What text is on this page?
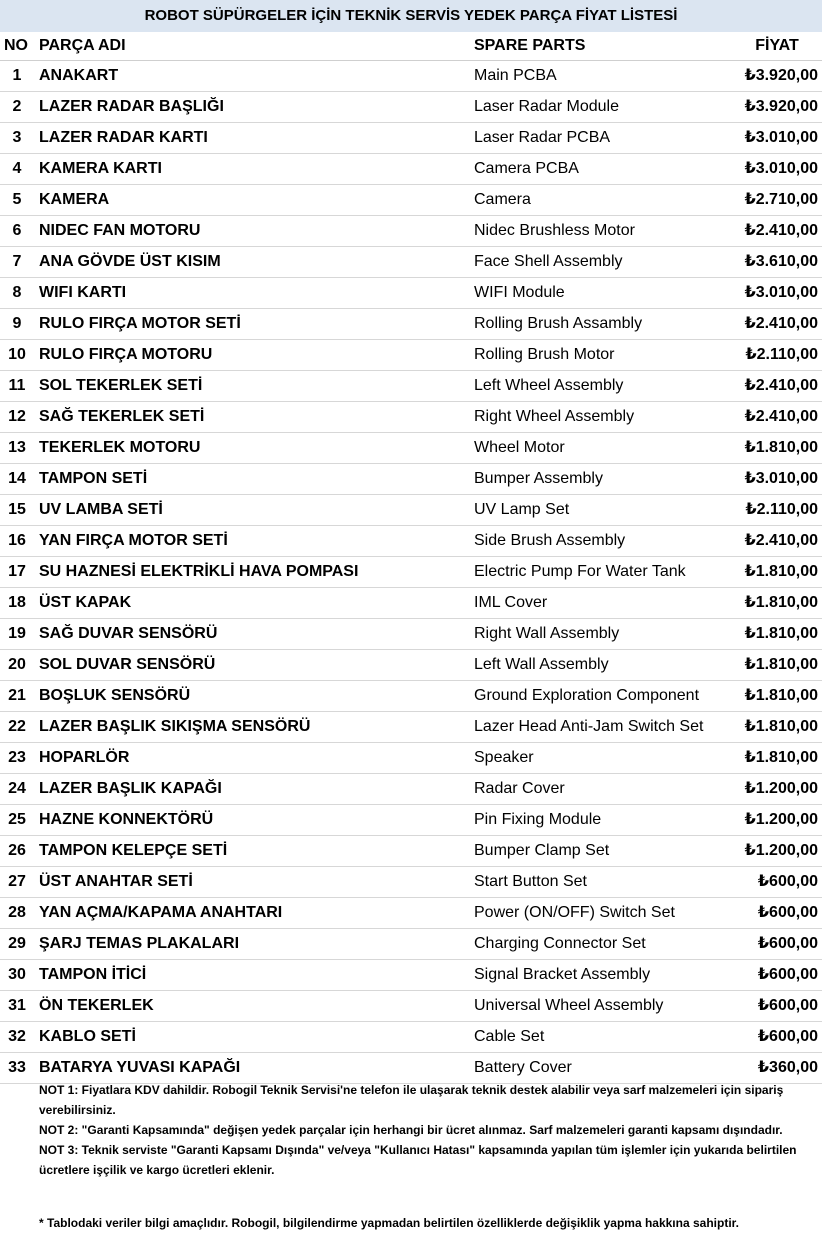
ROBOT SÜPÜRGELER İÇİN TEKNİK SERVİS YEDEK PARÇA FİYAT LİSTESİ
NO PARÇA ADI	SPARE PARTS	FİYAT
1	ANAKART	Main PCBA	₺3.920,00
2	LAZER RADAR BAŞLIĞI	Laser Radar Module	₺3.920,00
3	LAZER RADAR KARTI	Laser Radar PCBA	₺3.010,00
4	KAMERA KARTI	Camera PCBA	₺3.010,00
5	KAMERA	Camera	₺2.710,00
6	NIDEC FAN MOTORU	Nidec Brushless Motor	₺2.410,00
7	ANA GÖVDE ÜST KISIM	Face Shell Assembly	₺3.610,00
8	WIFI KARTI	WIFI Module	₺3.010,00
9	RULO FIRÇA MOTOR SETİ	Rolling Brush Assambly	₺2.410,00
10 RULO FIRÇA MOTORU	Rolling Brush Motor	₺2.110,00
11 SOL TEKERLEK SETİ	Left Wheel Assembly	₺2.410,00
12 SAĞ TEKERLEK SETİ	Right Wheel Assembly	₺2.410,00
13 TEKERLEK MOTORU	Wheel Motor	₺1.810,00
14 TAMPON SETİ	Bumper Assembly	₺3.010,00
15 UV LAMBA SETİ	UV Lamp Set	₺2.110,00
16 YAN FIRÇA MOTOR SETİ	Side Brush Assembly	₺2.410,00
17 SU HAZNESİ ELEKTRİKLİ HAVA POMPASI	Electric Pump For Water Tank	₺1.810,00
18 ÜST KAPAK	IML Cover	₺1.810,00
19 SAĞ DUVAR SENSÖRÜ	Right Wall Assembly	₺1.810,00
20 SOL DUVAR SENSÖRÜ	Left Wall Assembly	₺1.810,00
21 BOŞLUK SENSÖRÜ	Ground Exploration Component	₺1.810,00
22 LAZER BAŞLIK SIKIŞMA SENSÖRÜ	Lazer Head Anti-Jam Switch Set	₺1.810,00
23 HOPARLÖR	Speaker	₺1.810,00
24 LAZER BAŞLIK KAPAĞI	Radar Cover	₺1.200,00
25 HAZNE KONNEKTÖRÜ	Pin Fixing Module	₺1.200,00
26 TAMPON KELEPÇE SETİ	Bumper Clamp Set	₺1.200,00
27 ÜST ANAHTAR SETİ	Start Button Set	₺600,00
28 YAN AÇMA/KAPAMA ANAHTARI	Power (ON/OFF) Switch Set	₺600,00
29 ŞARJ TEMAS PLAKALARI	Charging Connector Set	₺600,00
30 TAMPON İTİCİ	Signal Bracket Assembly	₺600,00
31 ÖN TEKERLEK	Universal Wheel Assembly	₺600,00
32 KABLO SETİ	Cable Set	₺600,00
33 BATARYA YUVASI KAPAĞI	Battery Cover	₺360,00

NOT 1: Fiyatlara KDV dahildir. Robogil Teknik Servisi'ne telefon ile ulaşarak teknik destek alabilir veya sarf malzemeleri için sipariş verebilirsiniz.

NOT 2: "Garanti Kapsamında" değişen yedek parçalar için herhangi bir ücret alınmaz. Sarf malzemeleri garanti kapsamı dışındadır.

NOT 3: Teknik serviste "Garanti Kapsamı Dışında" ve/veya "Kullanıcı Hatası" kapsamında yapılan tüm işlemler için yukarıda belirtilen ücretlere işçilik ve kargo ücretleri eklenir.

* Tablodaki veriler bilgi amaçlıdır. Robogil, bilgilendirme yapmadan belirtilen özelliklerde değişiklik yapma hakkına sahiptir.
